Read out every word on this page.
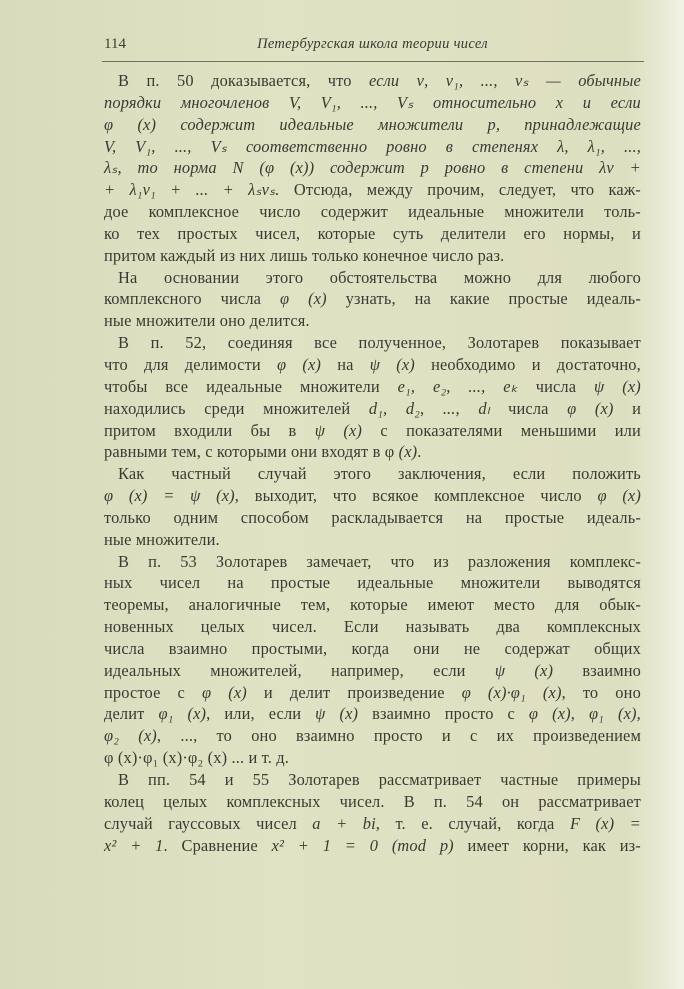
114	Петербургская школа теории чисел
В п. 50 доказывается, что если ν, ν₁, ..., νₛ — обычные
порядки многочленов V, V₁, ..., Vₛ относительно x и если
φ (x) содержит идеальные множители p, принадлежащие
V, V₁, ..., Vₛ соответственно ровно в степенях λ, λ₁, ...,
λₛ, то норма N (φ (x)) содержит p ровно в степени λν +
+ λ₁ν₁ + ... + λₛνₛ. Отсюда, между прочим, следует, что каж-
дое комплексное число содержит идеальные множители толь-
ко тех простых чисел, которые суть делители его нормы, и
притом каждый из них лишь только конечное число раз.
На основании этого обстоятельства можно для любого
комплексного числа φ (x) узнать, на какие простые идеаль-
ные множители оно делится.
В п. 52, соединяя все полученное, Золотарев показывает
что для делимости φ (x) на ψ (x) необходимо и достаточно,
чтобы все идеальные множители e₁, e₂, ..., eₖ числа ψ (x)
находились среди множителей d₁, d₂, ..., dₗ числа φ (x) и
притом входили бы в ψ (x) с показателями меньшими или
равными тем, с которыми они входят в φ (x).
Как частный случай этого заключения, если положить
φ (x) = ψ (x), выходит, что всякое комплексное число φ (x)
только одним способом раскладывается на простые идеаль-
ные множители.
В п. 53 Золотарев замечает, что из разложения комплекс-
ных чисел на простые идеальные множители выводятся
теоремы, аналогичные тем, которые имеют место для обык-
новенных целых чисел. Если называть два комплексных
числа взаимно простыми, когда они не содержат общих
идеальных множителей, например, если ψ (x) взаимно
простое с φ (x) и делит произведение φ (x)·φ₁ (x), то оно
делит φ₁ (x), или, если ψ (x) взаимно просто с φ (x), φ₁ (x),
φ₂ (x), ..., то оно взаимно просто и с их произведением
φ (x)·φ₁ (x)·φ₂ (x) ... и т. д.
В пп. 54 и 55 Золотарев рассматривает частные примеры
колец целых комплексных чисел. В п. 54 он рассматривает
случай гауссовых чисел a + bi, т. е. случай, когда F (x) =
x² + 1. Сравнение x² + 1 = 0 (mod p) имеет корни, как из-
